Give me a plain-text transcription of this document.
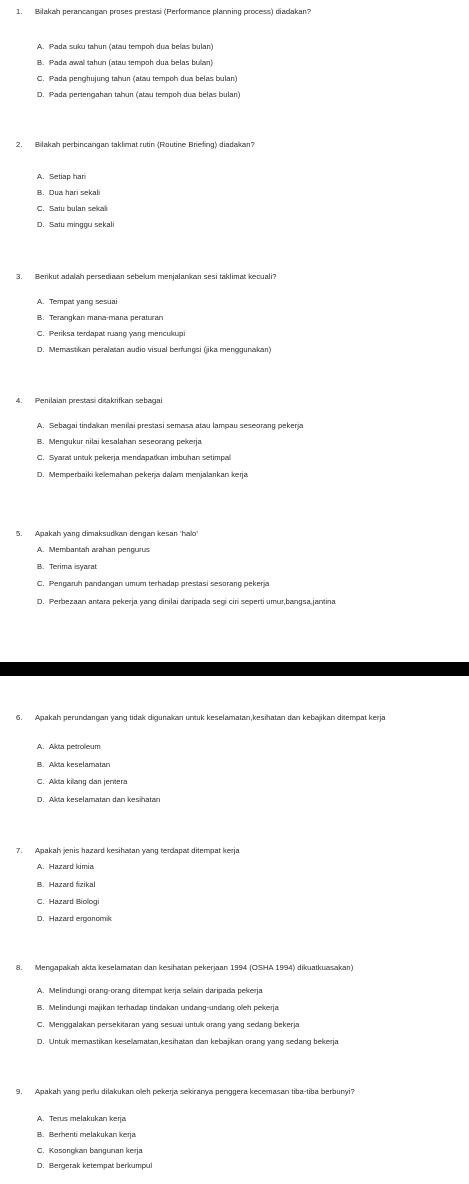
1. Bilakah perancangan proses prestasi (Performance planning process) diadakan?
A. Pada suku tahun (atau tempoh dua belas bulan)
B. Pada awal tahun (atau tempoh dua belas bulan)
C. Pada penghujung tahun (atau tempoh dua belas bulan)
D. Pada pertengahan tahun (atau tempoh dua belas bulan)
2. Bilakah perbincangan taklimat rutin (Routine Briefing) diadakan?
A. Setiap hari
B. Dua hari sekali
C. Satu bulan sekali
D. Satu minggu sekali
3. Berikut adalah persediaan sebelum menjalankan sesi taklimat kecuali?
A. Tempat yang sesuai
B. Terangkan mana-mana peraturan
C. Periksa terdapat ruang yang mencukupi
D. Memastikan peralatan audio visual berfungsi (jika menggunakan)
4. Penilaian prestasi ditakrifkan sebagai
A. Sebagai tindakan menilai prestasi semasa atau lampau seseorang pekerja
B. Mengukur nilai kesalahan seseorang pekerja
C. Syarat untuk pekerja mendapatkan imbuhan setimpal
D. Memperbaiki kelemahan pekerja dalam menjalankan kerja
5. Apakah yang dimaksudkan dengan kesan ‘halo’
A. Membantah arahan pengurus
B. Terima isyarat
C. Pengaruh pandangan umum terhadap prestasi sesorang pekerja
D. Perbezaan antara pekerja yang dinilai daripada segi ciri seperti umur,bangsa,jantina
6. Apakah perundangan yang tidak digunakan untuk keselamatan,kesihatan dan kebajikan ditempat kerja
A. Akta petroleum
B. Akta keselamatan
C. Akta kilang dan jentera
D. Akta keselamatan dan kesihatan
7. Apakah jenis hazard kesihatan yang terdapat ditempat kerja
A. Hazard kimia
B. Hazard fizikal
C. Hazard Biologi
D. Hazard ergonomik
8. Mengapakah akta keselamatan dan kesihatan pekerjaan 1994 (OSHA 1994) dikuatkuasakan)
A. Melindungi orang-orang ditempat kerja selain daripada pekerja
B. Melindungi majikan terhadap tindakan undang-undang oleh pekerja
C. Menggalakan persekitaran yang sesuai untuk orang yang sedang bekerja
D. Untuk memastikan keselamatan,kesihatan dan kebajikan orang yang sedang bekerja
9. Apakah yang perlu dilakukan oleh pekerja sekiranya penggera kecemasan tiba-tiba berbunyi?
A. Terus melakukan kerja
B. Berhenti melakukan kerja
C. Kosongkan bangunan kerja
D. Bergerak ketempat berkumpul
